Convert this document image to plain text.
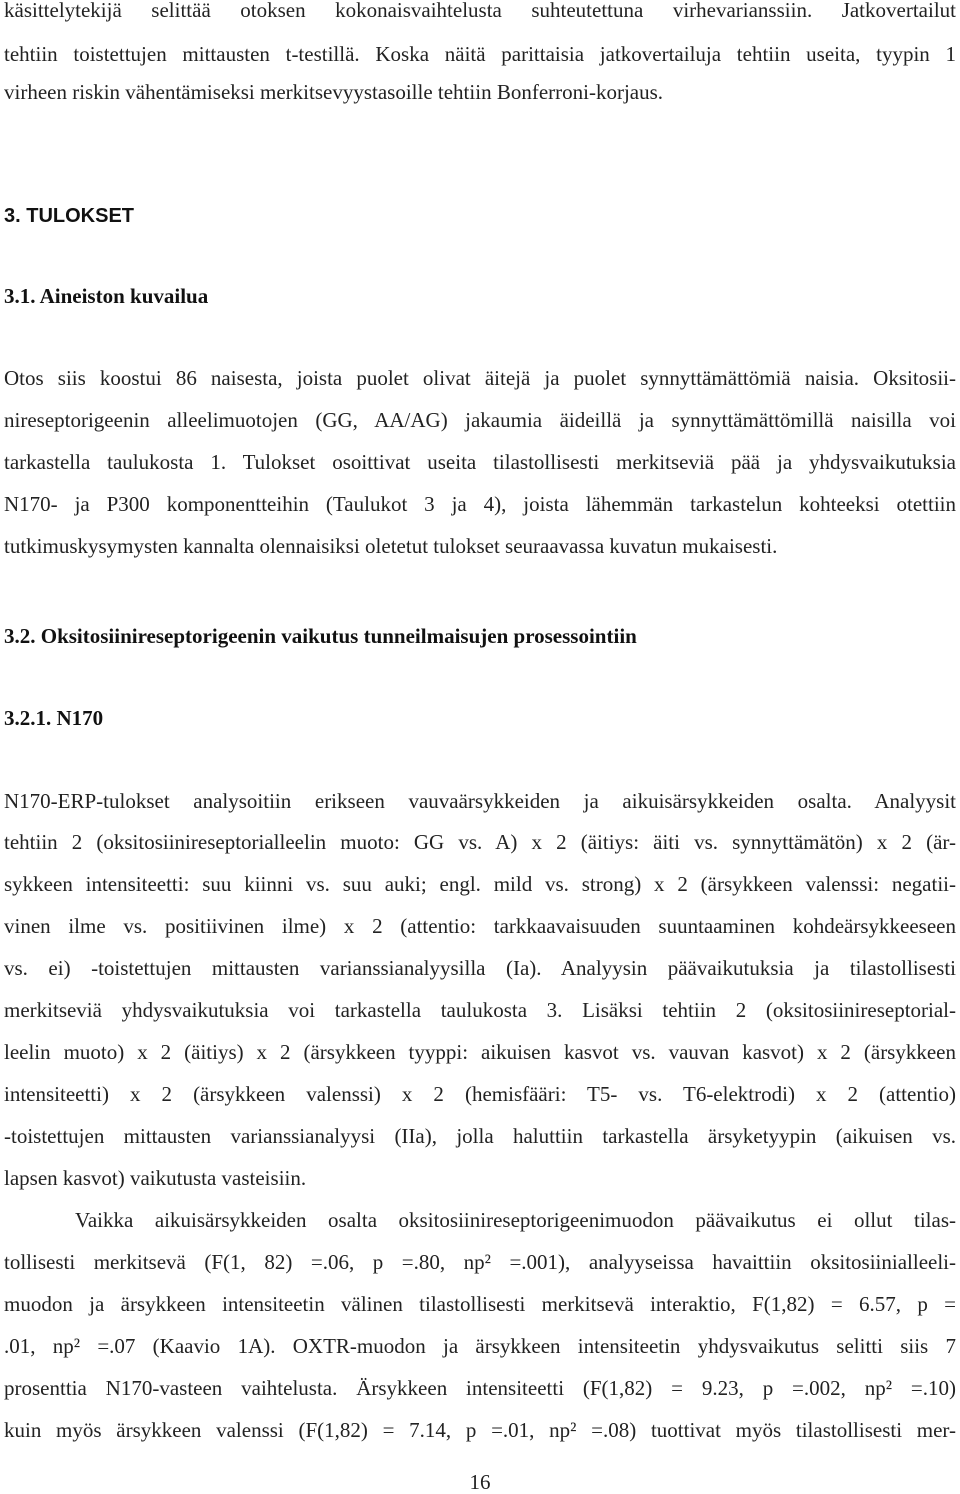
käsittelytekijä selittää otoksen kokonaisvaihtelusta suhteutettuna virhevarianssiin. Jatkovertailut
tehtiin toistettujen mittausten t-testillä. Koska näitä parittaisia jatkovertailuja tehtiin useita, tyypin 1
virheen riskin vähentämiseksi merkitsevyystasoille tehtiin Bonferroni-korjaus.
3. TULOKSET
3.1. Aineiston kuvailua
Otos siis koostui 86 naisesta, joista puolet olivat äitejä ja puolet synnyttämättömiä naisia. Oksitosii-
nireseptorigeenin alleelimuotojen (GG, AA/AG) jakaumia äideillä ja synnyttämättömillä naisilla voi
tarkastella taulukosta 1. Tulokset osoittivat useita tilastollisesti merkitseviä pää ja yhdysvaikutuksia
N170- ja P300 komponentteihin (Taulukot 3 ja 4), joista lähemmän tarkastelun kohteeksi otettiin
tutkimuskysymysten kannalta olennaisiksi oletetut tulokset seuraavassa kuvatun mukaisesti.
3.2. Oksitosiinireseptorigeenin vaikutus tunneilmaisujen prosessointiin
3.2.1. N170
N170-ERP-tulokset analysoitiin erikseen vauvaärsykkeiden ja aikuisärsykkeiden osalta. Analyysit
tehtiin 2 (oksitosiinireseptorialleelin muoto: GG vs. A) x 2 (äitiys: äiti vs. synnyttämätön) x 2 (är-
sykkeen intensiteetti: suu kiinni vs. suu auki; engl. mild vs. strong) x 2 (ärsykkeen valenssi: negatii-
vinen ilme vs. positiivinen ilme) x 2 (attentio: tarkkaavaisuuden suuntaaminen kohdeärsykkeeseen
vs. ei) -toistettujen mittausten varianssianalyysilla (Ia). Analyysin päävaikutuksia ja tilastollisesti
merkitseviä yhdysvaikutuksia voi tarkastella taulukosta 3. Lisäksi tehtiin 2 (oksitosiinireseptorial-
leelin muoto) x 2 (äitiys) x 2 (ärsykkeen tyyppi: aikuisen kasvot vs. vauvan kasvot) x 2 (ärsykkeen
intensiteetti) x 2 (ärsykkeen valenssi) x 2 (hemisfääri: T5- vs. T6-elektrodi) x 2 (attentio)
-toistettujen mittausten varianssianalyysi (IIa), jolla haluttiin tarkastella ärsyketyypin (aikuisen vs.
lapsen kasvot) vaikutusta vasteisiin.
Vaikka aikuisärsykkeiden osalta oksitosiinireseptorigeenimuodon päävaikutus ei ollut tilas-
tollisesti merkitsevä (F(1, 82) =.06, p =.80, np² =.001), analyyseissa havaittiin oksitosiinialleeli-
muodon ja ärsykkeen intensiteetin välinen tilastollisesti merkitsevä interaktio, F(1,82) = 6.57, p =
.01, np² =.07 (Kaavio 1A). OXTR-muodon ja ärsykkeen intensiteetin yhdysvaikutus selitti siis 7
prosenttia N170-vasteen vaihtelusta. Ärsykkeen intensiteetti (F(1,82) = 9.23, p =.002, np² =.10)
kuin myös ärsykkeen valenssi (F(1,82) = 7.14, p =.01, np² =.08) tuottivat myös tilastollisesti mer-
16
